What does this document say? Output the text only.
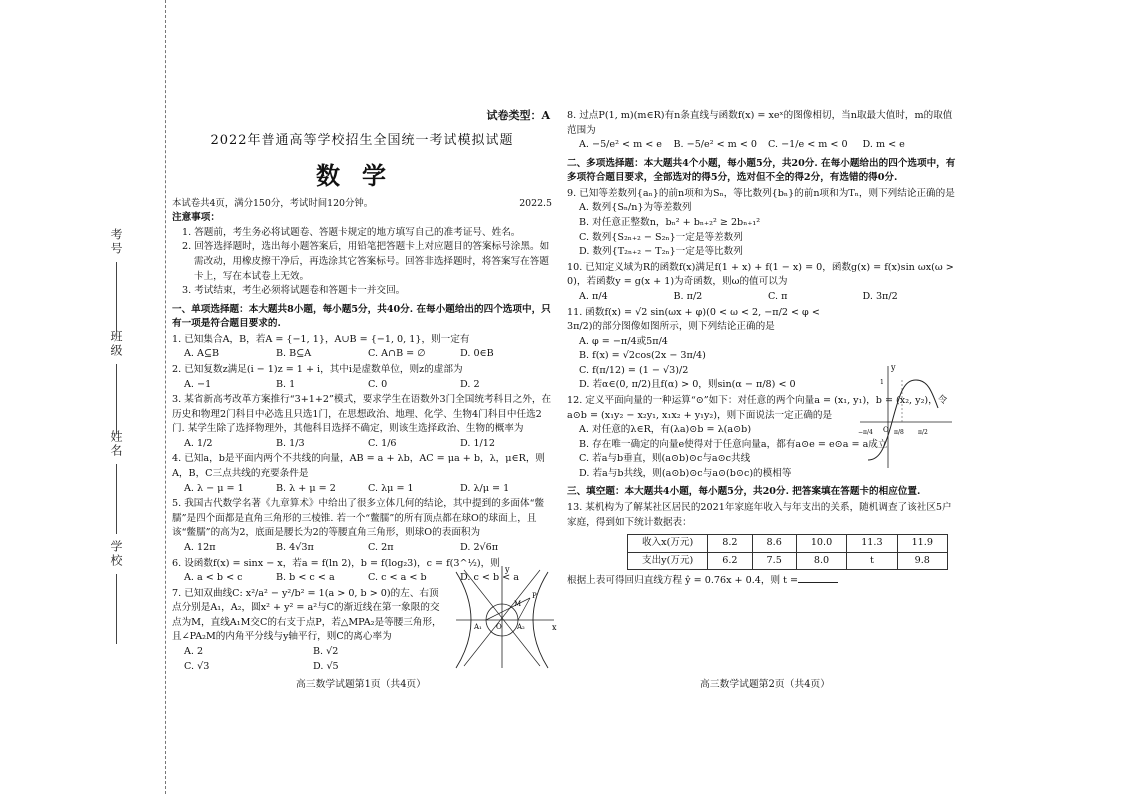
学校
姓名
班级
考号
试卷类型：A
2022年普通高等学校招生全国统一考试模拟试题
数学
本试卷共4页，满分150分，考试时间120分钟。	2022.5
注意事项：
1. 答题前，考生务必将试题卷、答题卡规定的地方填写自己的准考证号、姓名。
2. 回答选择题时，选出每小题答案后，用铅笔把答题卡上对应题目的答案标号涂黑。如需改动，用橡皮擦干净后，再选涂其它答案标号。回答非选择题时，将答案写在答题卡上，写在本试卷上无效。
3. 考试结束，考生必须将试题卷和答题卡一并交回。
一、单项选择题：本大题共8小题，每小题5分，共40分. 在每小题给出的四个选项中，只有一项是符合题目要求的.
1. 已知集合A，B，若A = {−1, 1}，A∪B = {−1, 0, 1}，则一定有
A. A⊆B	B. B⊆A	C. A∩B = ∅	D. 0∈B
2. 已知复数z满足(i − 1)z = 1 + i，其中i是虚数单位，则z的虚部为
A. −1	B. 1	C. 0	D. 2
3. 某省新高考改革方案推行“3+1+2”模式，要求学生在语数外3门全国统考科目之外，在历史和物理2门科目中必选且只选1门，在思想政治、地理、化学、生物4门科目中任选2门. 某学生除了选择物理外，其他科目选择不确定，则该生选择政治、生物的概率为
A. 1/2	B. 1/3	C. 1/6	D. 1/12
4. 已知a，b是平面内两个不共线的向量，AB = a + λb，AC = μa + b，λ，μ∈R，则A，B，C三点共线的充要条件是
A. λ − μ = 1	B. λ + μ = 2	C. λμ = 1	D. λ/μ = 1
5. 我国古代数学名著《九章算术》中给出了很多立体几何的结论，其中提到的多面体“鳖臑”是四个面都是直角三角形的三棱锥. 若一个“鳖臑”的所有顶点都在球O的球面上，且该“鳖臑”的高为2，底面是腰长为2的等腰直角三角形，则球O的表面积为
A. 12π	B. 4√3π	C. 2π	D. 2√6π
6. 设函数f(x) = sinx − x，若a = f(ln 2)，b = f(log₂3)，c = f(3^½)，则
A. a < b < c	B. b < c < a	C. c < a < b	D. c < b < a
7. 已知双曲线C: x²/a² − y²/b² = 1(a > 0, b > 0)的左、右顶点分别是A₁，A₂，圆x² + y² = a²与C的渐近线在第一象限的交点为M，直线A₁M交C的右支于点P，若△MPA₂是等腰三角形，且∠PA₂M的内角平分线与y轴平行，则C的离心率为
A. 2	B. √2
C. √3	D. √5
x
y
O
A₁	A₂
M
P
高三数学试题第1页（共4页）
8. 过点P(1, m)(m∈R)有n条直线与函数f(x) = xeˣ的图像相切，当n取最大值时，m的取值范围为
A. −5/e² < m < e	B. −5/e² < m < 0	C. −1/e < m < 0	D. m < e
二、多项选择题：本大题共4个小题，每小题5分，共20分. 在每小题给出的四个选项中，有多项符合题目要求，全部选对的得5分，选对但不全的得2分，有选错的得0分.
9. 已知等差数列{aₙ}的前n项和为Sₙ，等比数列{bₙ}的前n项和为Tₙ，则下列结论正确的是
A. 数列{Sₙ/n}为等差数列
B. 对任意正整数n，bₙ² + bₙ₊₂² ≥ 2bₙ₊₁²
C. 数列{S₂ₙ₊₂ − S₂ₙ}一定是等差数列
D. 数列{T₂ₙ₊₂ − T₂ₙ}一定是等比数列
10. 已知定义域为R的函数f(x)满足f(1 + x) + f(1 − x) = 0，函数g(x) = f(x)sin ωx(ω > 0)，若函数y = g(x + 1)为奇函数，则ω的值可以为
A. π/4	B. π/2	C. π	D. 3π/2
11. 函数f(x) = √2 sin(ωx + φ)(0 < ω < 2, −π/2 < φ < 3π/2)的部分图像如图所示，则下列结论正确的是
A. φ = −π/4或5π/4
B. f(x) = √2cos(2x − 3π/4)
C. f(π/12) = (1 − √3)/2
D. 若α∈(0, π/2)且f(α) > 0，则sin(α − π/8) < 0
12. 定义平面向量的一种运算“⊙”如下：对任意的两个向量a = (x₁, y₁)，b = (x₂, y₂)，令a⊙b = (x₁y₂ − x₂y₁, x₁x₂ + y₁y₂)，则下面说法一定正确的是
A. 对任意的λ∈R，有(λa)⊙b = λ(a⊙b)
B. 存在唯一确定的向量e使得对于任意向量a，都有a⊙e = e⊙a = a成立
C. 若a与b垂直，则(a⊙b)⊙c与a⊙c共线
D. 若a与b共线，则(a⊙b)⊙c与a⊙(b⊙c)的模相等
三、填空题：本大题共4小题，每小题5分，共20分. 把答案填在答题卡的相应位置.
13. 某机构为了解某社区居民的2021年家庭年收入与年支出的关系，随机调查了该社区5户家庭，得到如下统计数据表：
收入x(万元)	8.2	8.6	10.0	11.3	11.9
支出y(万元)	6.2	7.5	8.0	t	9.8
根据上表可得回归直线方程 ŷ = 0.76x + 0.4，则 t =
y
O π/8 π/2
−π/4
1
高三数学试题第2页（共4页）
